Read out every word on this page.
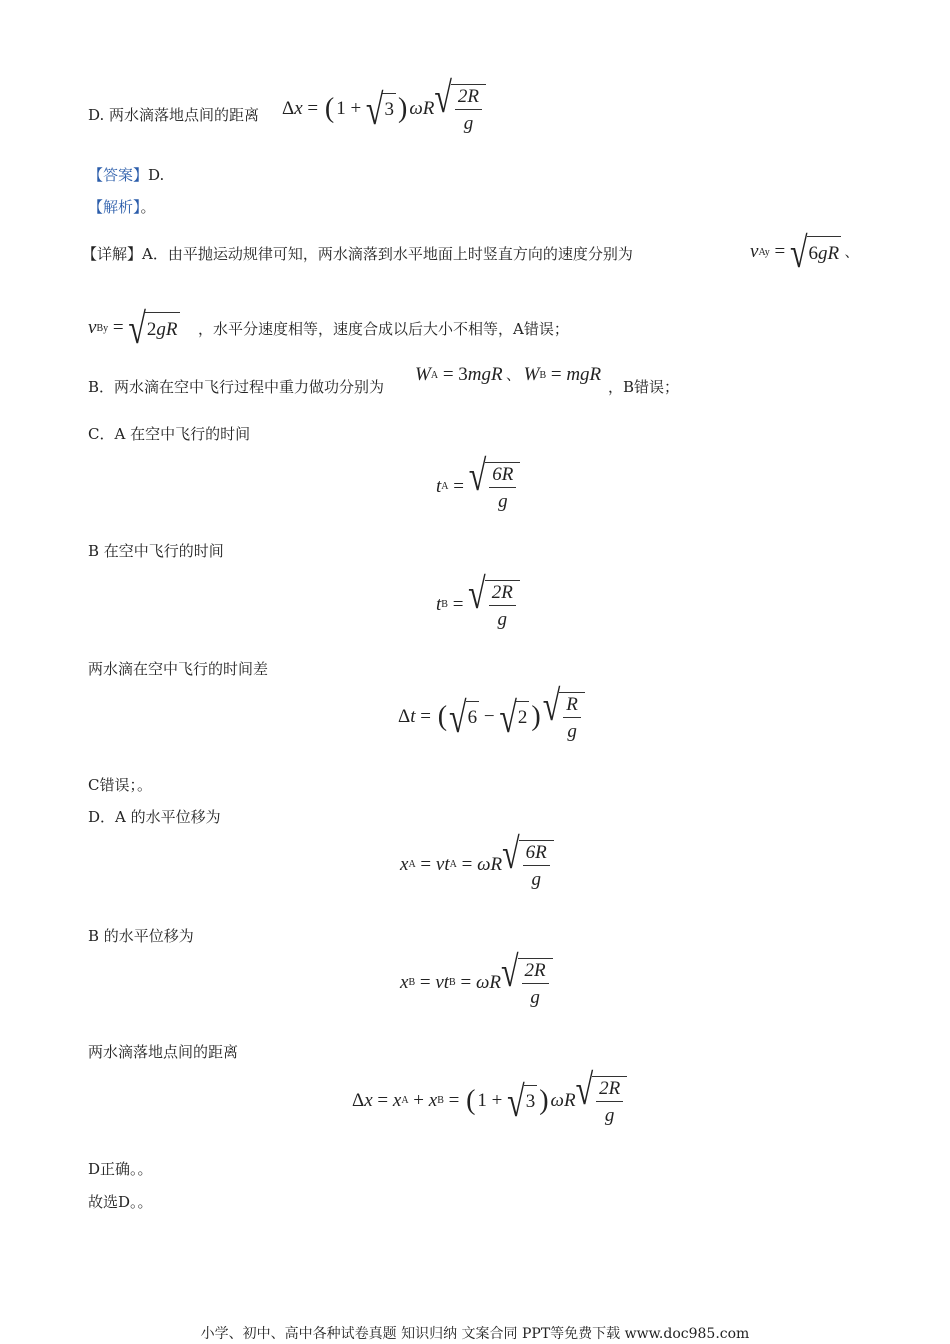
D. 两水滴落地点间的距离 Δ x = ( 1 + √ 3 ) ωR √ $\frac{2R}{g}$
【答案】D.
【解析】。
【详解】A．由平抛运动规律可知，两水滴落到水平地面上时竖直方向的速度分别为	v Ay = √ 6 gR 、
v By = √ 2 gR ，水平分速度相等，速度合成以后大小不相等，A错误；
B．两水滴在空中飞行过程中重力做功分别为
W A = 3mgR 、 W B = mgR
，B错误；
C．A 在空中飞行的时间
t A = √ $\frac{6R}{g}$
B 在空中飞行的时间
t B = √ $\frac{2R}{g}$
两水滴在空中飞行的时间差
Δt = ( √ 6 − √ 2 ) √ $\frac{R}{g}$
C错误；。
D．A 的水平位移为
x A = vt A = ωR √ $\frac{6R}{g}$
B 的水平位移为
x B = vt B = ωR √ $\frac{2R}{g}$
两水滴落地点间的距离
Δx = x A + x B = ( 1 + √ 3 ) ωR √ $\frac{2R}{g}$
D正确。。
故选D。。
小学、初中、高中各种试卷真题 知识归纳 文案合同 PPT等免费下载 www.doc985.com
